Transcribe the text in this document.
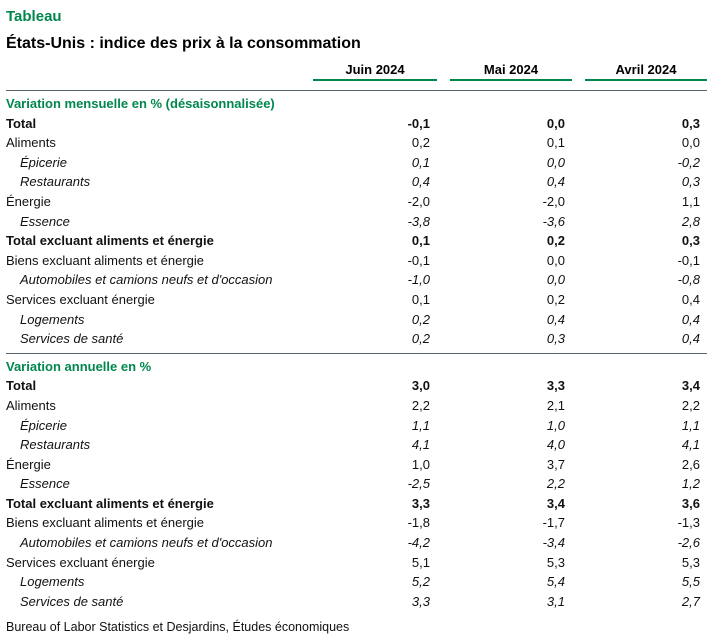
Tableau
États-Unis : indice des prix à la consommation
Juin 2024	Mai 2024	Avril 2024
Variation mensuelle en % (désaisonnalisée)
Total	-0,1	0,0	0,3
Aliments	0,2	0,1	0,0
Épicerie	0,1	0,0	-0,2
Restaurants	0,4	0,4	0,3
Énergie	-2,0	-2,0	1,1
Essence	-3,8	-3,6	2,8
Total excluant aliments et énergie	0,1	0,2	0,3
Biens excluant aliments et énergie	-0,1	0,0	-0,1
Automobiles et camions neufs et d'occasion	-1,0	0,0	-0,8
Services excluant énergie	0,1	0,2	0,4
Logements	0,2	0,4	0,4
Services de santé	0,2	0,3	0,4
Variation annuelle en %
Total	3,0	3,3	3,4
Aliments	2,2	2,1	2,2
Épicerie	1,1	1,0	1,1
Restaurants	4,1	4,0	4,1
Énergie	1,0	3,7	2,6
Essence	-2,5	2,2	1,2
Total excluant aliments et énergie	3,3	3,4	3,6
Biens excluant aliments et énergie	-1,8	-1,7	-1,3
Automobiles et camions neufs et d'occasion	-4,2	-3,4	-2,6
Services excluant énergie	5,1	5,3	5,3
Logements	5,2	5,4	5,5
Services de santé	3,3	3,1	2,7
Bureau of Labor Statistics et Desjardins, Études économiques
